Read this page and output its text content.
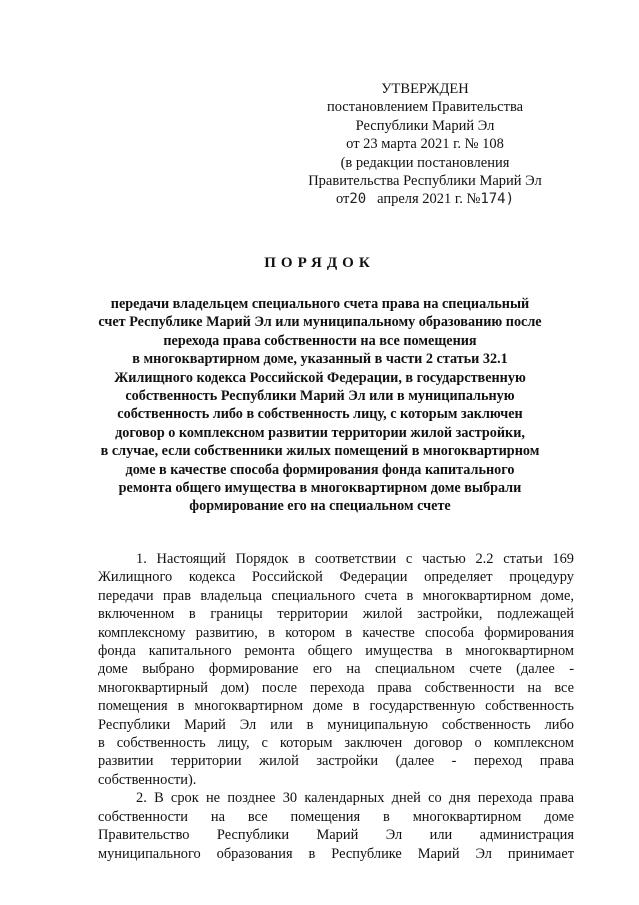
УТВЕРЖДЕН
постановлением Правительства
Республики Марий Эл
от 23 марта 2021 г. № 108
(в редакции постановления
Правительства Республики Марий Эл
от20 апреля 2021 г. №174)
ПОРЯДОК
передачи владельцем специального счета права на специальный
счет Республике Марий Эл или муниципальному образованию после
перехода права собственности на все помещения
в многоквартирном доме, указанный в части 2 статьи 32.1
Жилищного кодекса Российской Федерации, в государственную
собственность Республики Марий Эл или в муниципальную
собственность либо в собственность лицу, с которым заключен
договор о комплексном развитии территории жилой застройки,
в случае, если собственники жилых помещений в многоквартирном
доме в качестве способа формирования фонда капитального
ремонта общего имущества в многоквартирном доме выбрали
формирование его на специальном счете
1. Настоящий Порядок в соответствии с частью 2.2 статьи 169
Жилищного кодекса Российской Федерации определяет процедуру
передачи прав владельца специального счета в многоквартирном доме,
включенном в границы территории жилой застройки, подлежащей
комплексному развитию, в котором в качестве способа формирования
фонда капитального ремонта общего имущества в многоквартирном
доме выбрано формирование его на специальном счете (далее -
многоквартирный дом) после перехода права собственности на все
помещения в многоквартирном доме в государственную собственность
Республики Марий Эл или в муниципальную собственность либо
в собственность лицу, с которым заключен договор о комплексном
развитии территории жилой застройки (далее - переход права
собственности).
2. В срок не позднее 30 календарных дней со дня перехода права
собственности на все помещения в многоквартирном доме
Правительство Республики Марий Эл или администрация
муниципального образования в Республике Марий Эл принимает
